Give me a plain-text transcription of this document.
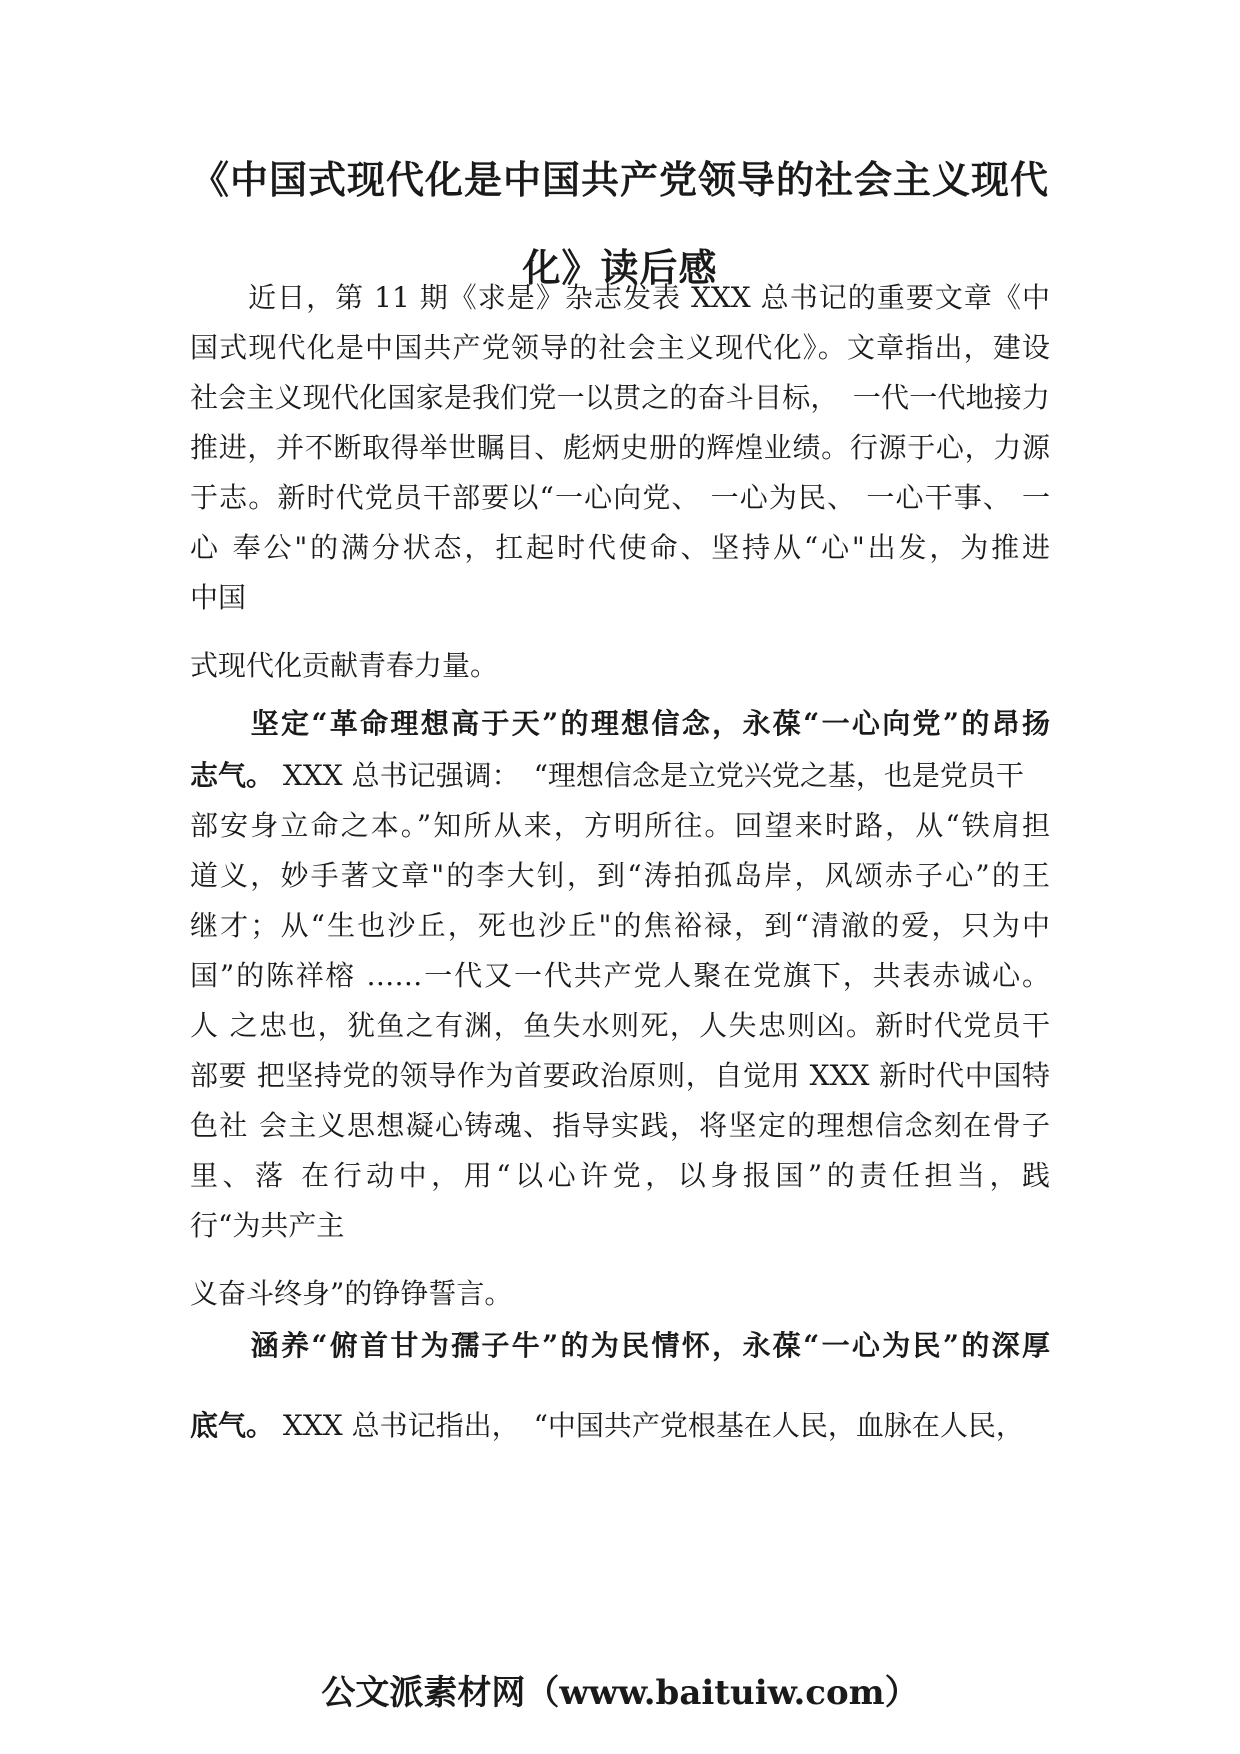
《中国式现代化是中国共产党领导的社会主义现代
化》读后感
　　近日，第 11 期《求是》杂志发表 XXX 总书记的重要文章《中
国式现代化是中国共产党领导的社会主义现代化》。文章指出，建设
社会主义现代化国家是我们党一以贯之的奋斗目标，　一代一代地接力
推进，并不断取得举世瞩目、彪炳史册的辉煌业绩。行源于心，力源
于志。新时代党员干部要以“一心向党、 一心为民、 一心干事、 一
心 奉公"的满分状态，扛起时代使命、坚持从“心"出发，为推进
中国
式现代化贡献青春力量。
　　坚定“革命理想高于天”的理想信念，永葆“一心向党”的昂扬
志气。 XXX 总书记强调：　“理想信念是立党兴党之基，也是党员干
部安身立命之本。”知所从来，方明所往。回望来时路，从“铁肩担
道义，妙手著文章"的李大钊，到“涛拍孤岛岸，风颂赤子心”的王
继才；从“生也沙丘，死也沙丘"的焦裕禄，到“清澈的爱，只为中
国”的陈祥榕 ……一代又一代共产党人聚在党旗下，共表赤诚心。
人 之忠也，犹鱼之有渊，鱼失水则死，人失忠则凶。新时代党员干
部要 把坚持党的领导作为首要政治原则，自觉用 XXX 新时代中国特
色社 会主义思想凝心铸魂、指导实践，将坚定的理想信念刻在骨子
里、落 在行动中，用“以心许党，以身报国”的责任担当，践
行“为共产主
义奋斗终身”的铮铮誓言。
　　涵养“俯首甘为孺子牛”的为民情怀，永葆“一心为民”的深厚
底气。 XXX 总书记指出，　“中国共产党根基在人民，血脉在人民，
公文派素材网（www.baituiw.com）
